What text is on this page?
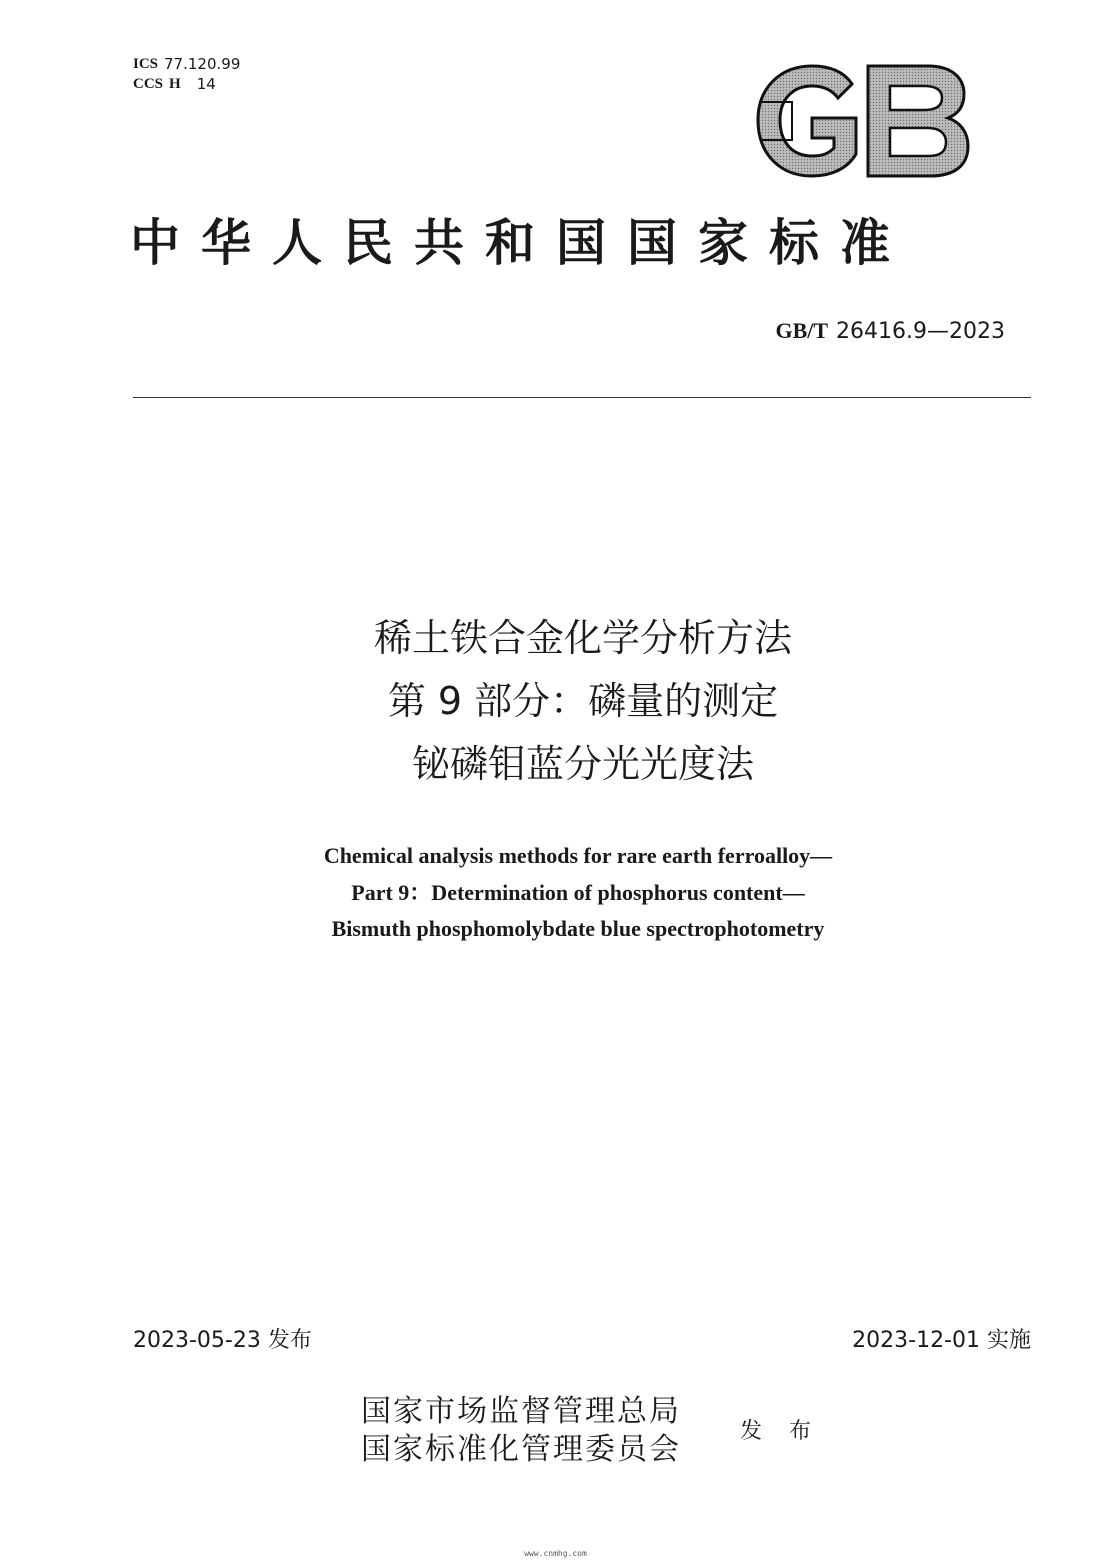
ICS 77.120.99
CCS H 14
中华人民共和国国家标准
GB/T 26416.9—2023
稀土铁合金化学分析方法
第 9 部分：磷量的测定
铋磷钼蓝分光光度法
Chemical analysis methods for rare earth ferroalloy—
Part 9：Determination of phosphorus content—
Bismuth phosphomolybdate blue spectrophotometry
2023-05-23 发布	2023-12-01 实施
国家市场监督管理总局
国家标准化管理委员会
发 布
www.cnmhg.com
